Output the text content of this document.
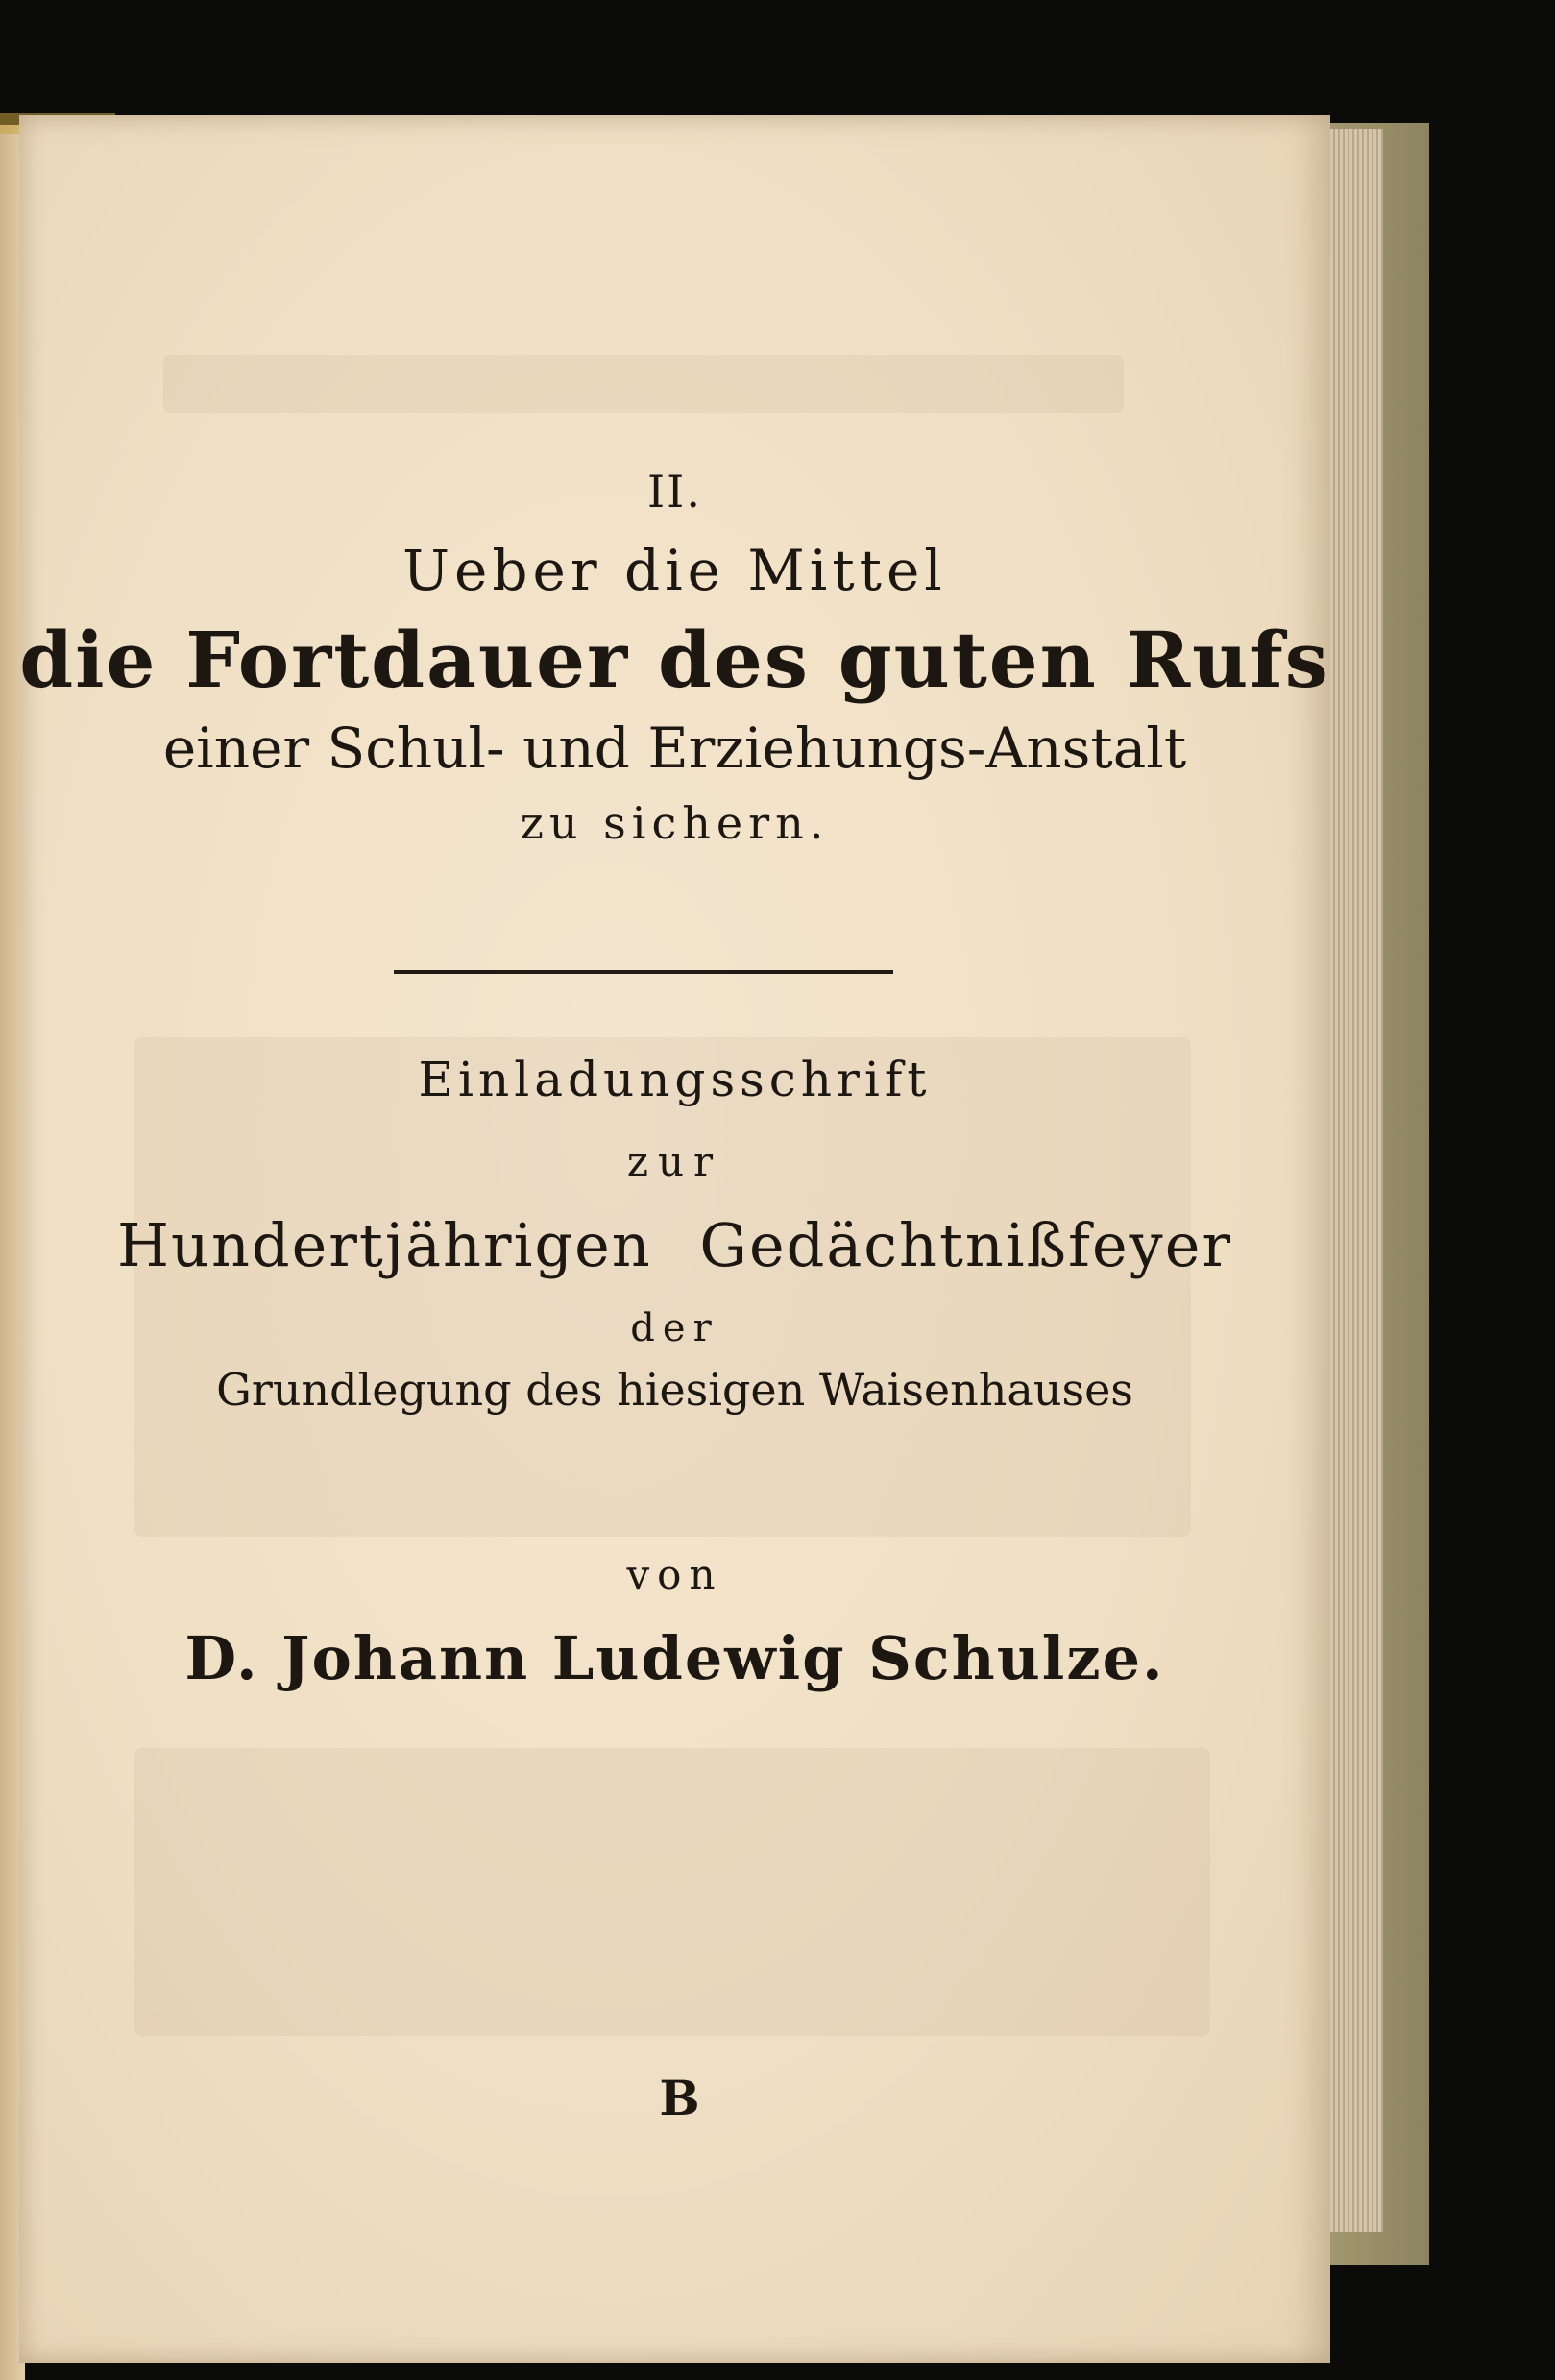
II.
Ueber die Mittel
die Fortdauer des guten Rufs
einer Schul- und Erziehungs-Anstalt
zu sichern.
Einladungsschrift
zur
Hundertjährigen Gedächtnißfeyer
der
Grundlegung des hiesigen Waisenhauses
von
D. Johann Ludewig Schulze.
B
